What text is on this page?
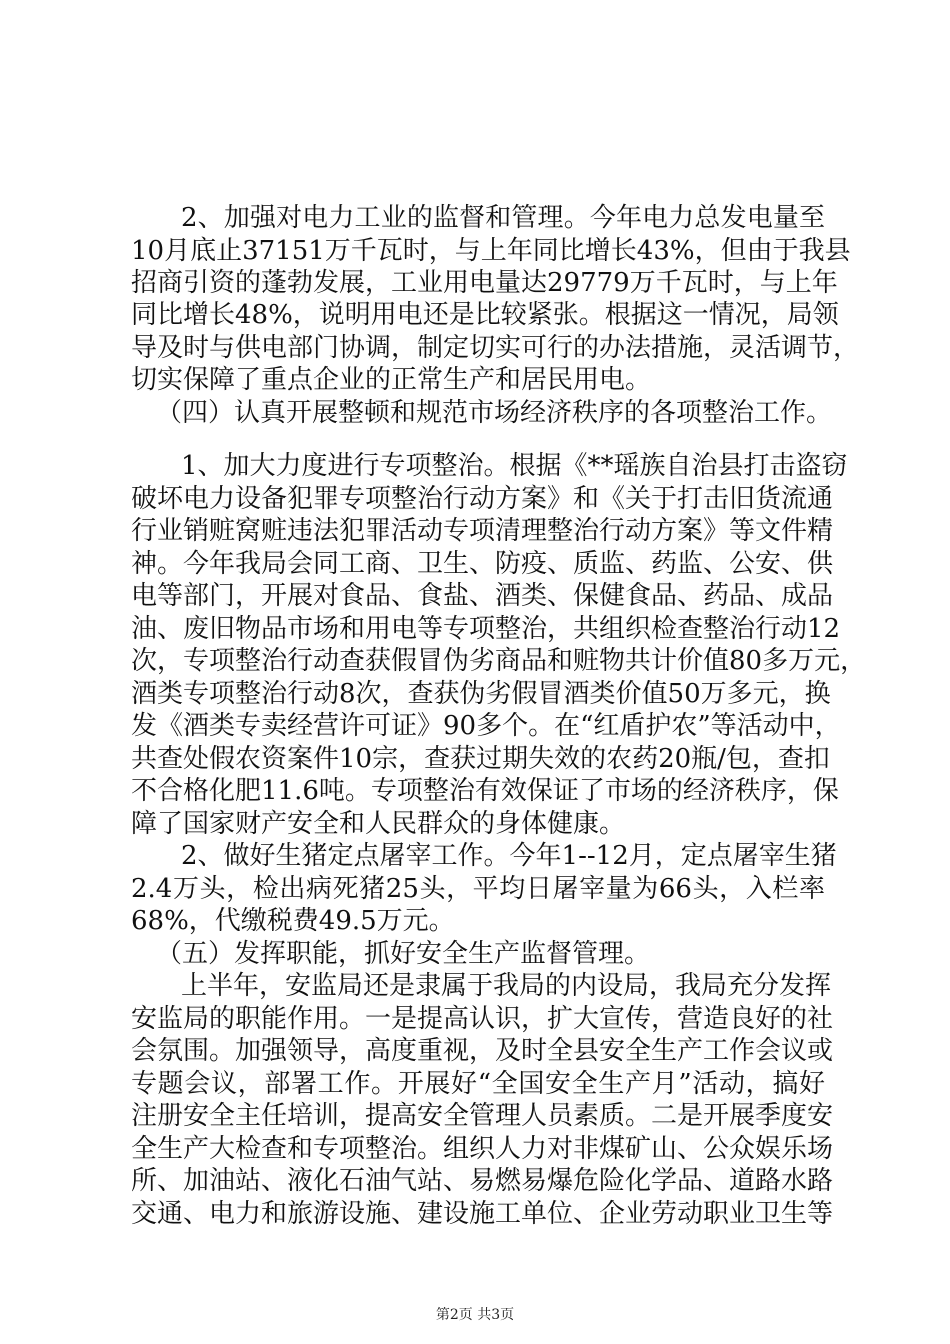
2、加强对电力工业的监督和管理。今年电力总发电量至

10月底止37151万千瓦时，与上年同比增长43%，但由于我县

招商引资的蓬勃发展，工业用电量达29779万千瓦时，与上年

同比增长48%，说明用电还是比较紧张。根据这一情况，局领

导及时与供电部门协调，制定切实可行的办法措施，灵活调节，

切实保障了重点企业的正常生产和居民用电。

（四）认真开展整顿和规范市场经济秩序的各项整治工作。

1、加大力度进行专项整治。根据《**瑶族自治县打击盗窃

破坏电力设备犯罪专项整治行动方案》和《关于打击旧货流通

行业销赃窝赃违法犯罪活动专项清理整治行动方案》等文件精

神。今年我局会同工商、卫生、防疫、质监、药监、公安、供

电等部门，开展对食品、食盐、酒类、保健食品、药品、成品

油、废旧物品市场和用电等专项整治，共组织检查整治行动12

次，专项整治行动查获假冒伪劣商品和赃物共计价值80多万元，

酒类专项整治行动8次，查获伪劣假冒酒类价值50万多元，换

发《酒类专卖经营许可证》90多个。在“红盾护农”等活动中，

共查处假农资案件10宗，查获过期失效的农药20瓶/包，查扣

不合格化肥11.6吨。专项整治有效保证了市场的经济秩序，保

障了国家财产安全和人民群众的身体健康。

2、做好生猪定点屠宰工作。今年1--12月，定点屠宰生猪

2.4万头，检出病死猪25头，平均日屠宰量为66头，入栏率

68%，代缴税费49.5万元。

（五）发挥职能，抓好安全生产监督管理。

上半年，安监局还是隶属于我局的内设局，我局充分发挥

安监局的职能作用。一是提高认识，扩大宣传，营造良好的社

会氛围。加强领导，高度重视，及时全县安全生产工作会议或

专题会议，部署工作。开展好“全国安全生产月”活动，搞好

注册安全主任培训，提高安全管理人员素质。二是开展季度安

全生产大检查和专项整治。组织人力对非煤矿山、公众娱乐场

所、加油站、液化石油气站、易燃易爆危险化学品、道路水路

交通、电力和旅游设施、建设施工单位、企业劳动职业卫生等

第2页 共3页
